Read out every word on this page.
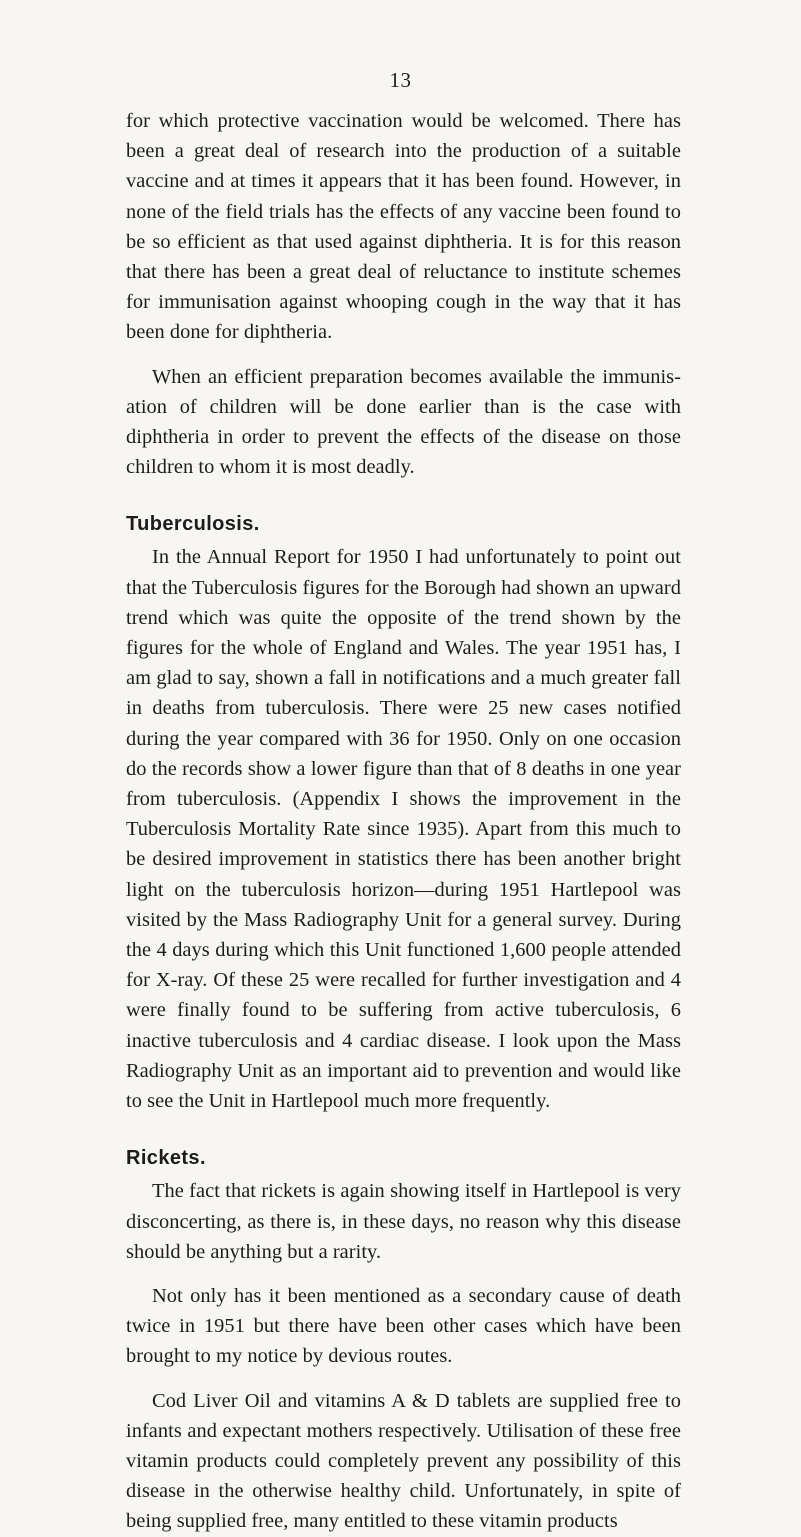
13

for which protective vaccination would be welcomed. There has been a great deal of research into the production of a suitable vaccine and at times it appears that it has been found. However, in none of the field trials has the effects of any vaccine been found to be so efficient as that used against diphtheria. It is for this reason that there has been a great deal of reluctance to institute schemes for immunisation against whooping cough in the way that it has been done for diphtheria.

When an efficient preparation becomes available the immunis- ation of children will be done earlier than is the case with diphtheria in order to prevent the effects of the disease on those children to whom it is most deadly.

Tuberculosis.

In the Annual Report for 1950 I had unfortunately to point out that the Tuberculosis figures for the Borough had shown an upward trend which was quite the opposite of the trend shown by the figures for the whole of England and Wales. The year 1951 has, I am glad to say, shown a fall in notifications and a much greater fall in deaths from tuberculosis. There were 25 new cases notified during the year compared with 36 for 1950. Only on one occasion do the records show a lower figure than that of 8 deaths in one year from tuberculosis. (Appendix I shows the improvement in the Tuberculosis Mortality Rate since 1935). Apart from this much to be desired improvement in statistics there has been another bright light on the tuberculosis horizon—during 1951 Hartlepool was visited by the Mass Radiography Unit for a general survey. During the 4 days during which this Unit functioned 1,600 people attended for X-ray. Of these 25 were recalled for further investigation and 4 were finally found to be suffering from active tuberculosis, 6 inactive tuberculosis and 4 cardiac disease. I look upon the Mass Radiography Unit as an important aid to prevention and would like to see the Unit in Hartlepool much more frequently.

Rickets.

The fact that rickets is again showing itself in Hartlepool is very disconcerting, as there is, in these days, no reason why this disease should be anything but a rarity.

Not only has it been mentioned as a secondary cause of death twice in 1951 but there have been other cases which have been brought to my notice by devious routes.

Cod Liver Oil and vitamins A & D tablets are supplied free to infants and expectant mothers respectively. Utilisation of these free vitamin products could completely prevent any possibility of this disease in the otherwise healthy child. Unfortunately, in spite of being supplied free, many entitled to these vitamin products
